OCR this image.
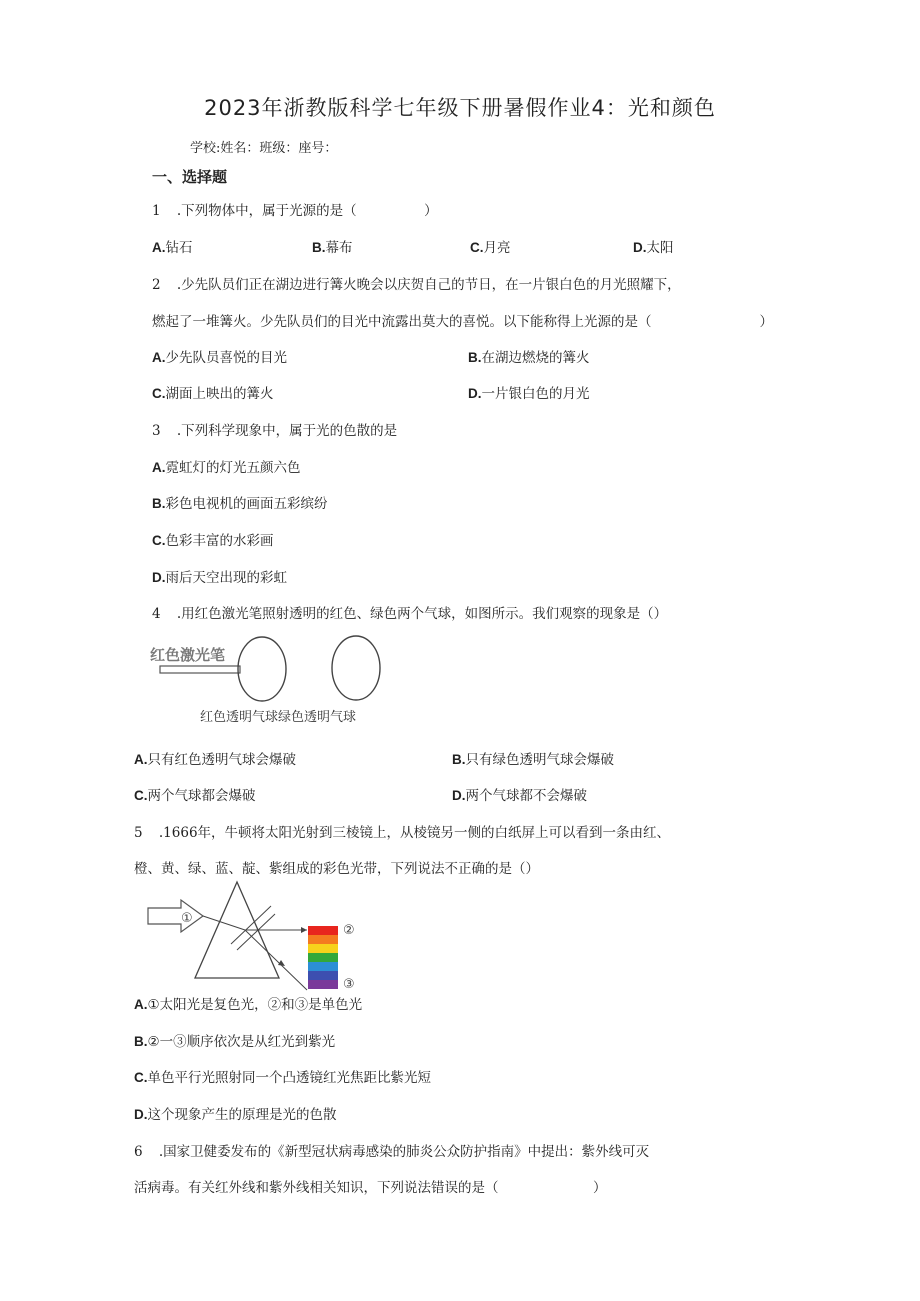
2023年浙教版科学七年级下册暑假作业4：光和颜色
学校:姓名：班级：座号：
一、选择题
1 .下列物体中，属于光源的是（　　　　　）
A.钻石	B.幕布	C.月亮	D.太阳
2 .少先队员们正在湖边进行篝火晚会以庆贺自己的节日，在一片银白色的月光照耀下，
燃起了一堆篝火。少先队员们的目光中流露出莫大的喜悦。以下能称得上光源的是（　　　　　　　　）
A.少先队员喜悦的目光	B.在湖边燃烧的篝火
C.湖面上映出的篝火	D.一片银白色的月光
3 .下列科学现象中，属于光的色散的是
A.霓虹灯的灯光五颜六色
B.彩色电视机的画面五彩缤纷
C.色彩丰富的水彩画
D.雨后天空出现的彩虹
4 .用红色激光笔照射透明的红色、绿色两个气球，如图所示。我们观察的现象是（）
红色激光笔
红色透明气球绿色透明气球
A.只有红色透明气球会爆破	B.只有绿色透明气球会爆破
C.两个气球都会爆破	D.两个气球都不会爆破
5 .1666年，牛顿将太阳光射到三棱镜上，从棱镜另一侧的白纸屏上可以看到一条由红、
橙、黄、绿、蓝、靛、紫组成的彩色光带，下列说法不正确的是（）
①
②
③
A.①太阳光是复色光，②和③是单色光
B.②一③顺序依次是从红光到紫光
C.单色平行光照射同一个凸透镜红光焦距比紫光短
D.这个现象产生的原理是光的色散
6 .国家卫健委发布的《新型冠状病毒感染的肺炎公众防护指南》中提出：紫外线可灭
活病毒。有关红外线和紫外线相关知识，下列说法错误的是（　　　　　　　）
